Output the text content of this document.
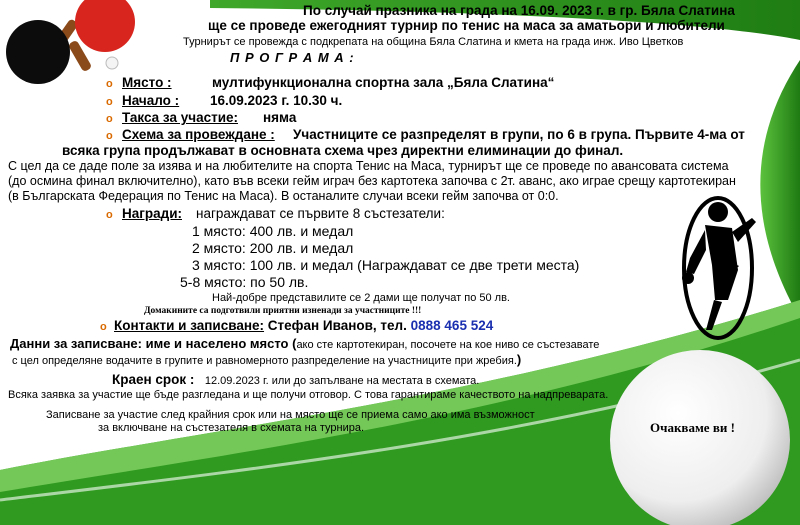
По случай празника на града на 16.09. 2023 г. в гр. Бяла Слатина
ще се проведе ежегодният турнир по тенис на маса за аматьори и любители
Турнирът се провежда с подкрепата на община Бяла Слатина и кмета на града инж. Иво Цветков
П Р О Г Р А М А :
o Място :	мултифункционална спортна зала „Бяла Слатина“
o Начало : 16.09.2023 г. 10.30 ч.
o Такса за участие: няма
o Схема за провеждане : Участниците се разпределят в групи, по 6 в група. Първите 4-ма от
всяка група продължават в основната схема чрез директни елиминации до финал.
С цел да се даде поле за изява и на любителите на спорта Тенис на Маса, турнирът ще се проведе по авансовата система
(до осмина финал включително), като във всеки гейм играч без картотека започва с 2т. аванс, ако играе срещу картотекиран
(в Българската Федерация по Тенис на Маса). В останалите случаи всеки гейм започва от 0:0.
o Награди: награждават се първите 8 състезатели:
1 място: 400 лв. и медал
2 място: 200 лв. и медал
3 място: 100 лв. и медал (Награждават се две трети места)
5-8 място: по 50 лв.
Най-добре представилите се 2 дами ще получат по 50 лв.
Домакините са подготвили приятни изненади за участниците !!!
o Контакти и записване: Стефан Иванов, тел. 0888 465 524
Данни за записване: име и населено място (ако сте картотекиран, посочете на кое ниво се състезавате
с цел определяне водачите в групите и равномерното разпределение на участниците при жребия.)
Краен срок : 12.09.2023 г. или до запълване на местата в схемата.
Всяка заявка за участие ще бъде разгледана и ще получи отговор. С това гарантираме качеството на надпреварата.
Записване за участие след крайния срок или на място ще се приема само ако има възможност
за включване на състезателя в схемата на турнира.	Очакваме ви !
CHO!
